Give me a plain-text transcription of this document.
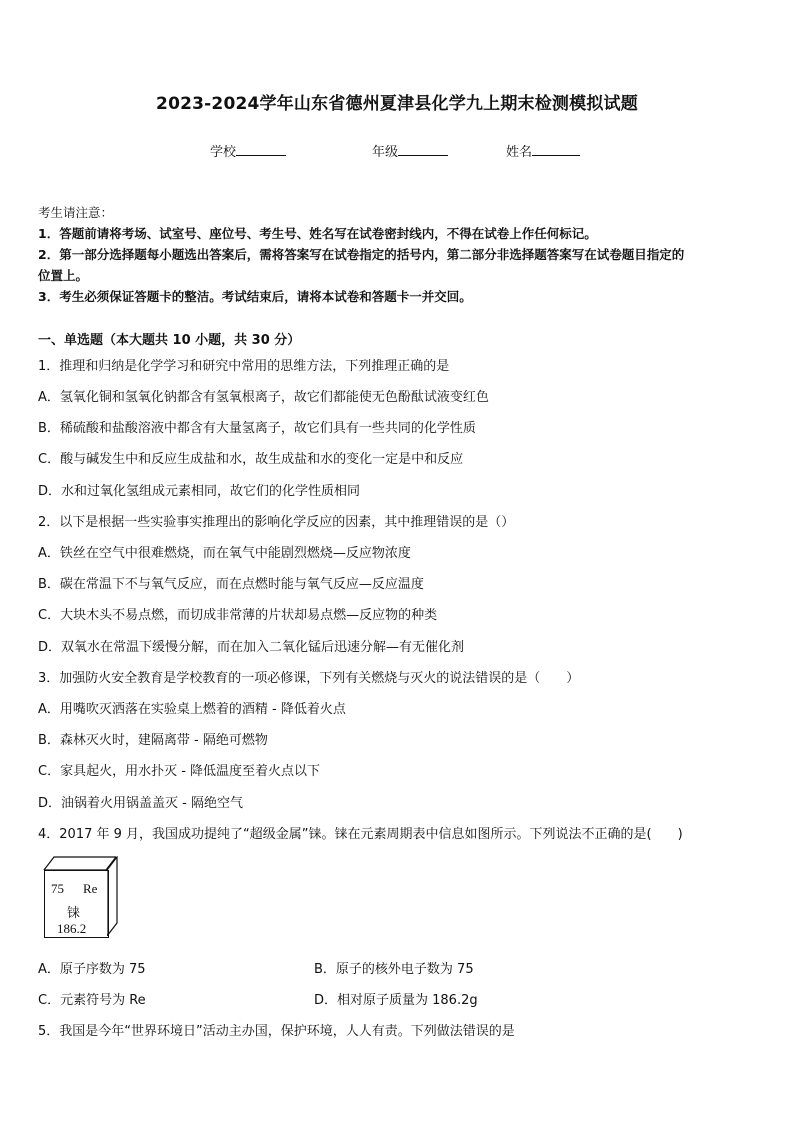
2023-2024学年山东省德州夏津县化学九上期末检测模拟试题
学校	年级	姓名
考生请注意：
1．答题前请将考场、试室号、座位号、考生号、姓名写在试卷密封线内，不得在试卷上作任何标记。
2．第一部分选择题每小题选出答案后，需将答案写在试卷指定的括号内，第二部分非选择题答案写在试卷题目指定的
位置上。
3．考生必须保证答题卡的整洁。考试结束后，请将本试卷和答题卡一并交回。
一、单选题（本大题共 10 小题，共 30 分）
1．推理和归纳是化学学习和研究中常用的思维方法，下列推理正确的是
A．氢氧化铜和氢氧化钠都含有氢氧根离子，故它们都能使无色酚酞试液变红色
B．稀硫酸和盐酸溶液中都含有大量氢离子，故它们具有一些共同的化学性质
C．酸与碱发生中和反应生成盐和水，故生成盐和水的变化一定是中和反应
D．水和过氧化氢组成元素相同，故它们的化学性质相同
2．以下是根据一些实验事实推理出的影响化学反应的因素，其中推理错误的是（）
A．铁丝在空气中很难燃烧，而在氧气中能剧烈燃烧—反应物浓度
B．碳在常温下不与氧气反应，而在点燃时能与氧气反应—反应温度
C．大块木头不易点燃，而切成非常薄的片状却易点燃—反应物的种类
D．双氧水在常温下缓慢分解，而在加入二氧化锰后迅速分解—有无催化剂
3．加强防火安全教育是学校教育的一项必修课，下列有关燃烧与灭火的说法错误的是（　　）
A．用嘴吹灭洒落在实验桌上燃着的酒精 - 降低着火点
B．森林灭火时，建隔离带 - 隔绝可燃物
C．家具起火，用水扑灭 - 降低温度至着火点以下
D．油锅着火用锅盖盖灭 - 隔绝空气
4．2017 年 9 月，我国成功提纯了“超级金属”铼。铼在元素周期表中信息如图所示。下列说法不正确的是(　　)
75 Re
铼
186.2
A．原子序数为 75	B．原子的核外电子数为 75
C．元素符号为 Re	D．相对原子质量为 186.2g
5．我国是今年“世界环境日”活动主办国，保护环境，人人有责。下列做法错误的是
